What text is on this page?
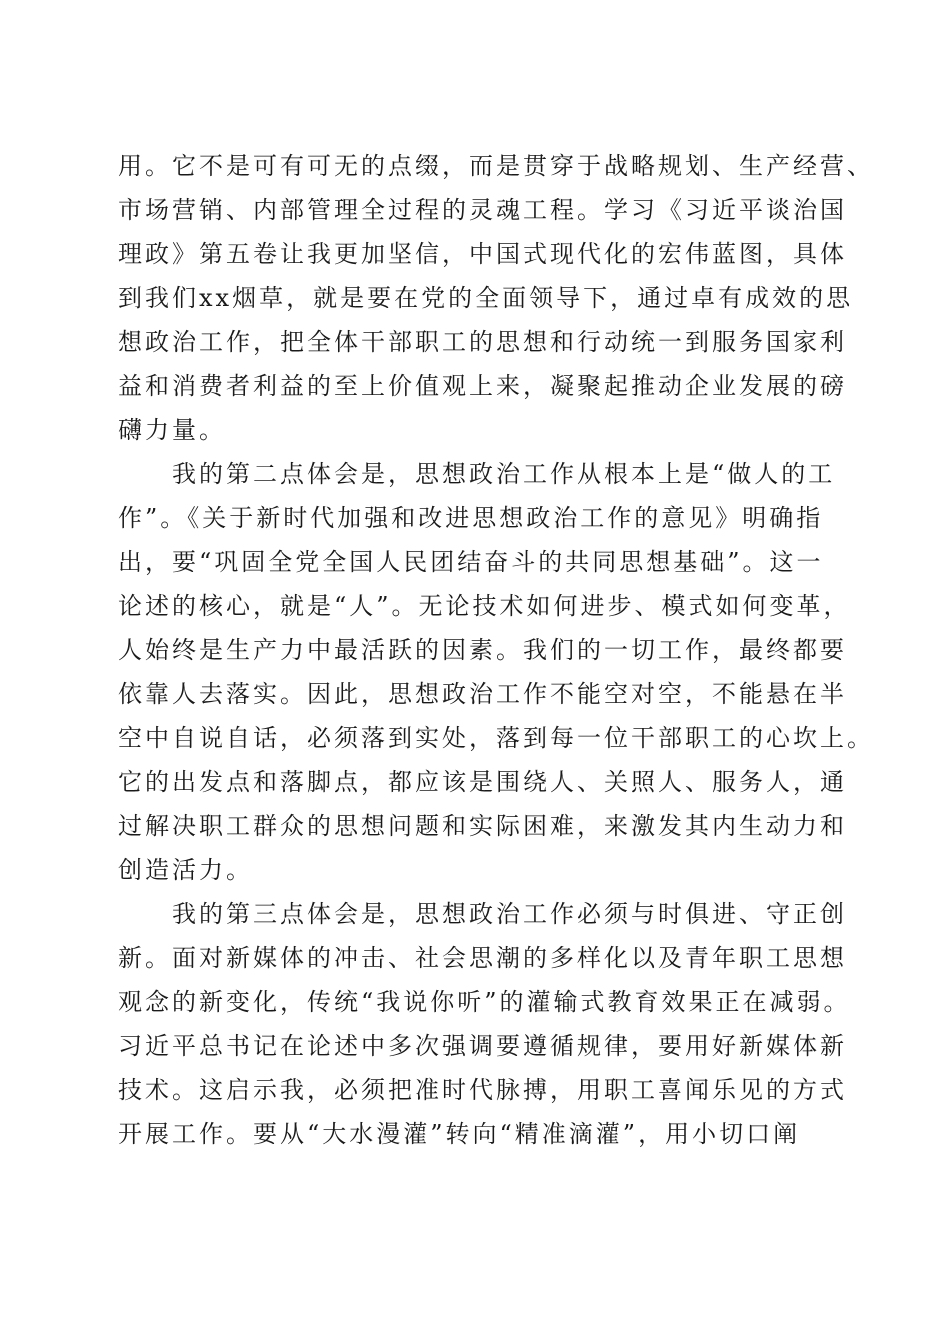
用。它不是可有可无的点缀，而是贯穿于战略规划、生产经营、
市场营销、内部管理全过程的灵魂工程。学习《习近平谈治国
理政》第五卷让我更加坚信，中国式现代化的宏伟蓝图，具体
到我们xx烟草，就是要在党的全面领导下，通过卓有成效的思
想政治工作，把全体干部职工的思想和行动统一到服务国家利
益和消费者利益的至上价值观上来，凝聚起推动企业发展的磅
礴力量。
我的第二点体会是，思想政治工作从根本上是“做人的工
作”。《关于新时代加强和改进思想政治工作的意见》明确指
出，要“巩固全党全国人民团结奋斗的共同思想基础”。这一
论述的核心，就是“人”。无论技术如何进步、模式如何变革，
人始终是生产力中最活跃的因素。我们的一切工作，最终都要
依靠人去落实。因此，思想政治工作不能空对空，不能悬在半
空中自说自话，必须落到实处，落到每一位干部职工的心坎上。
它的出发点和落脚点，都应该是围绕人、关照人、服务人，通
过解决职工群众的思想问题和实际困难，来激发其内生动力和
创造活力。
我的第三点体会是，思想政治工作必须与时俱进、守正创
新。面对新媒体的冲击、社会思潮的多样化以及青年职工思想
观念的新变化，传统“我说你听”的灌输式教育效果正在减弱。
习近平总书记在论述中多次强调要遵循规律，要用好新媒体新
技术。这启示我，必须把准时代脉搏，用职工喜闻乐见的方式
开展工作。要从“大水漫灌”转向“精准滴灌”，用小切口阐
